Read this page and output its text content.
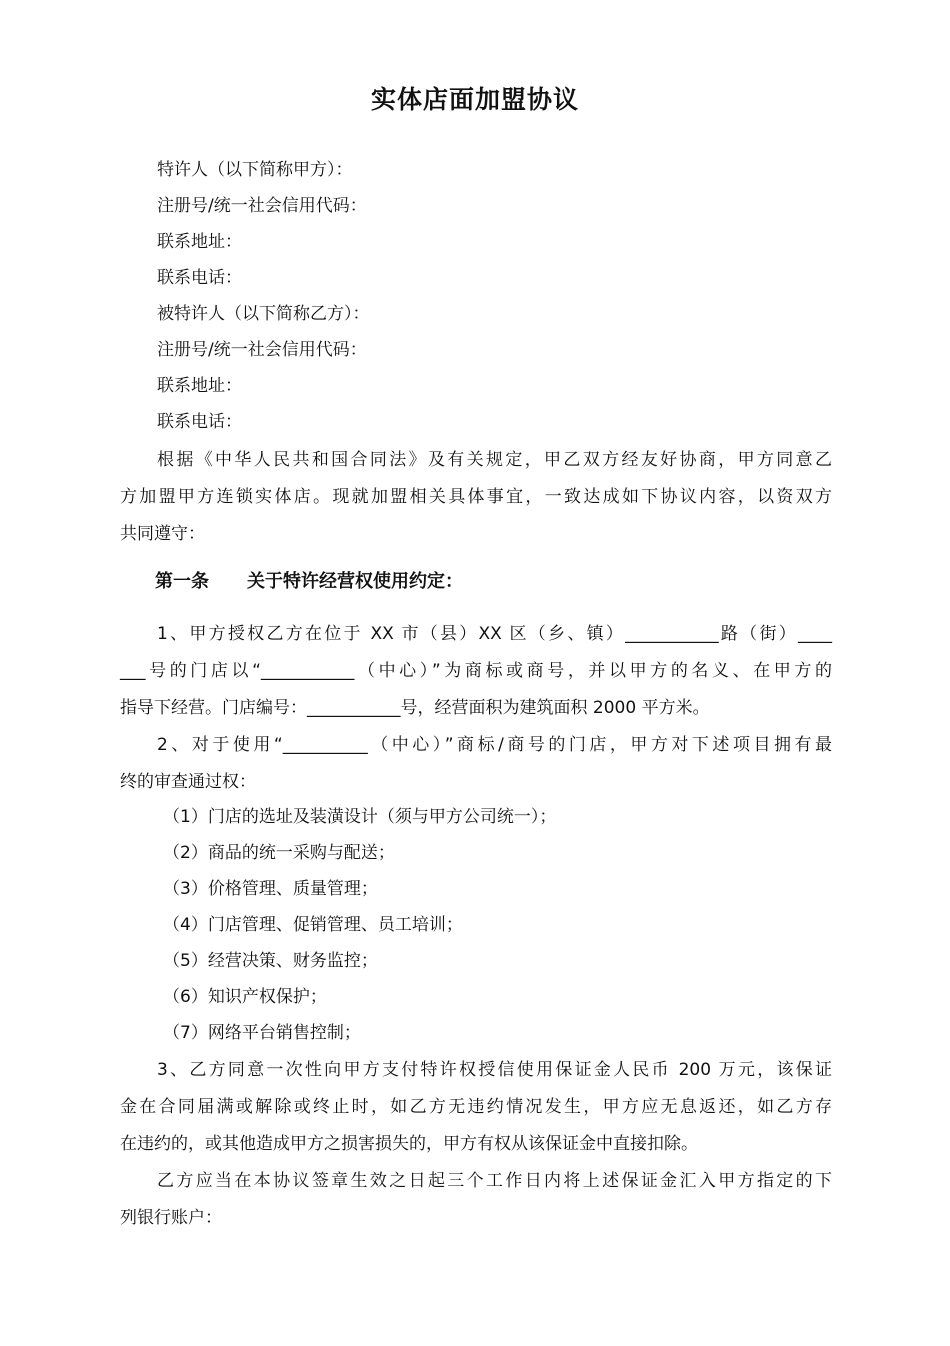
实体店面加盟协议
特许人（以下简称甲方）：
注册号/统一社会信用代码：
联系地址：
联系电话：
被特许人（以下简称乙方）：
注册号/统一社会信用代码：
联系地址：
联系电话：
根据《中华人民共和国合同法》及有关规定，甲乙双方经友好协商，甲方同意乙
方加盟甲方连锁实体店。现就加盟相关具体事宜，一致达成如下协议内容，以资双方
共同遵守：
第一条 关于特许经营权使用约定：
1、甲方授权乙方在位于 XX 市（县）XX 区（乡、镇）___________路（街）____
___号的门店以“___________（中心）”为商标或商号，并以甲方的名义、在甲方的
指导下经营。门店编号：___________号，经营面积为建筑面积 2000 平方米。
2、对于使用“__________（中心）”商标/商号的门店，甲方对下述项目拥有最
终的审查通过权：
（1）门店的选址及装潢设计（须与甲方公司统一）；
（2）商品的统一采购与配送；
（3）价格管理、质量管理；
（4）门店管理、促销管理、员工培训；
（5）经营决策、财务监控；
（6）知识产权保护；
（7）网络平台销售控制；
3、乙方同意一次性向甲方支付特许权授信使用保证金人民币 200 万元，该保证
金在合同届满或解除或终止时，如乙方无违约情况发生，甲方应无息返还，如乙方存
在违约的，或其他造成甲方之损害损失的，甲方有权从该保证金中直接扣除。
乙方应当在本协议签章生效之日起三个工作日内将上述保证金汇入甲方指定的下
列银行账户：
